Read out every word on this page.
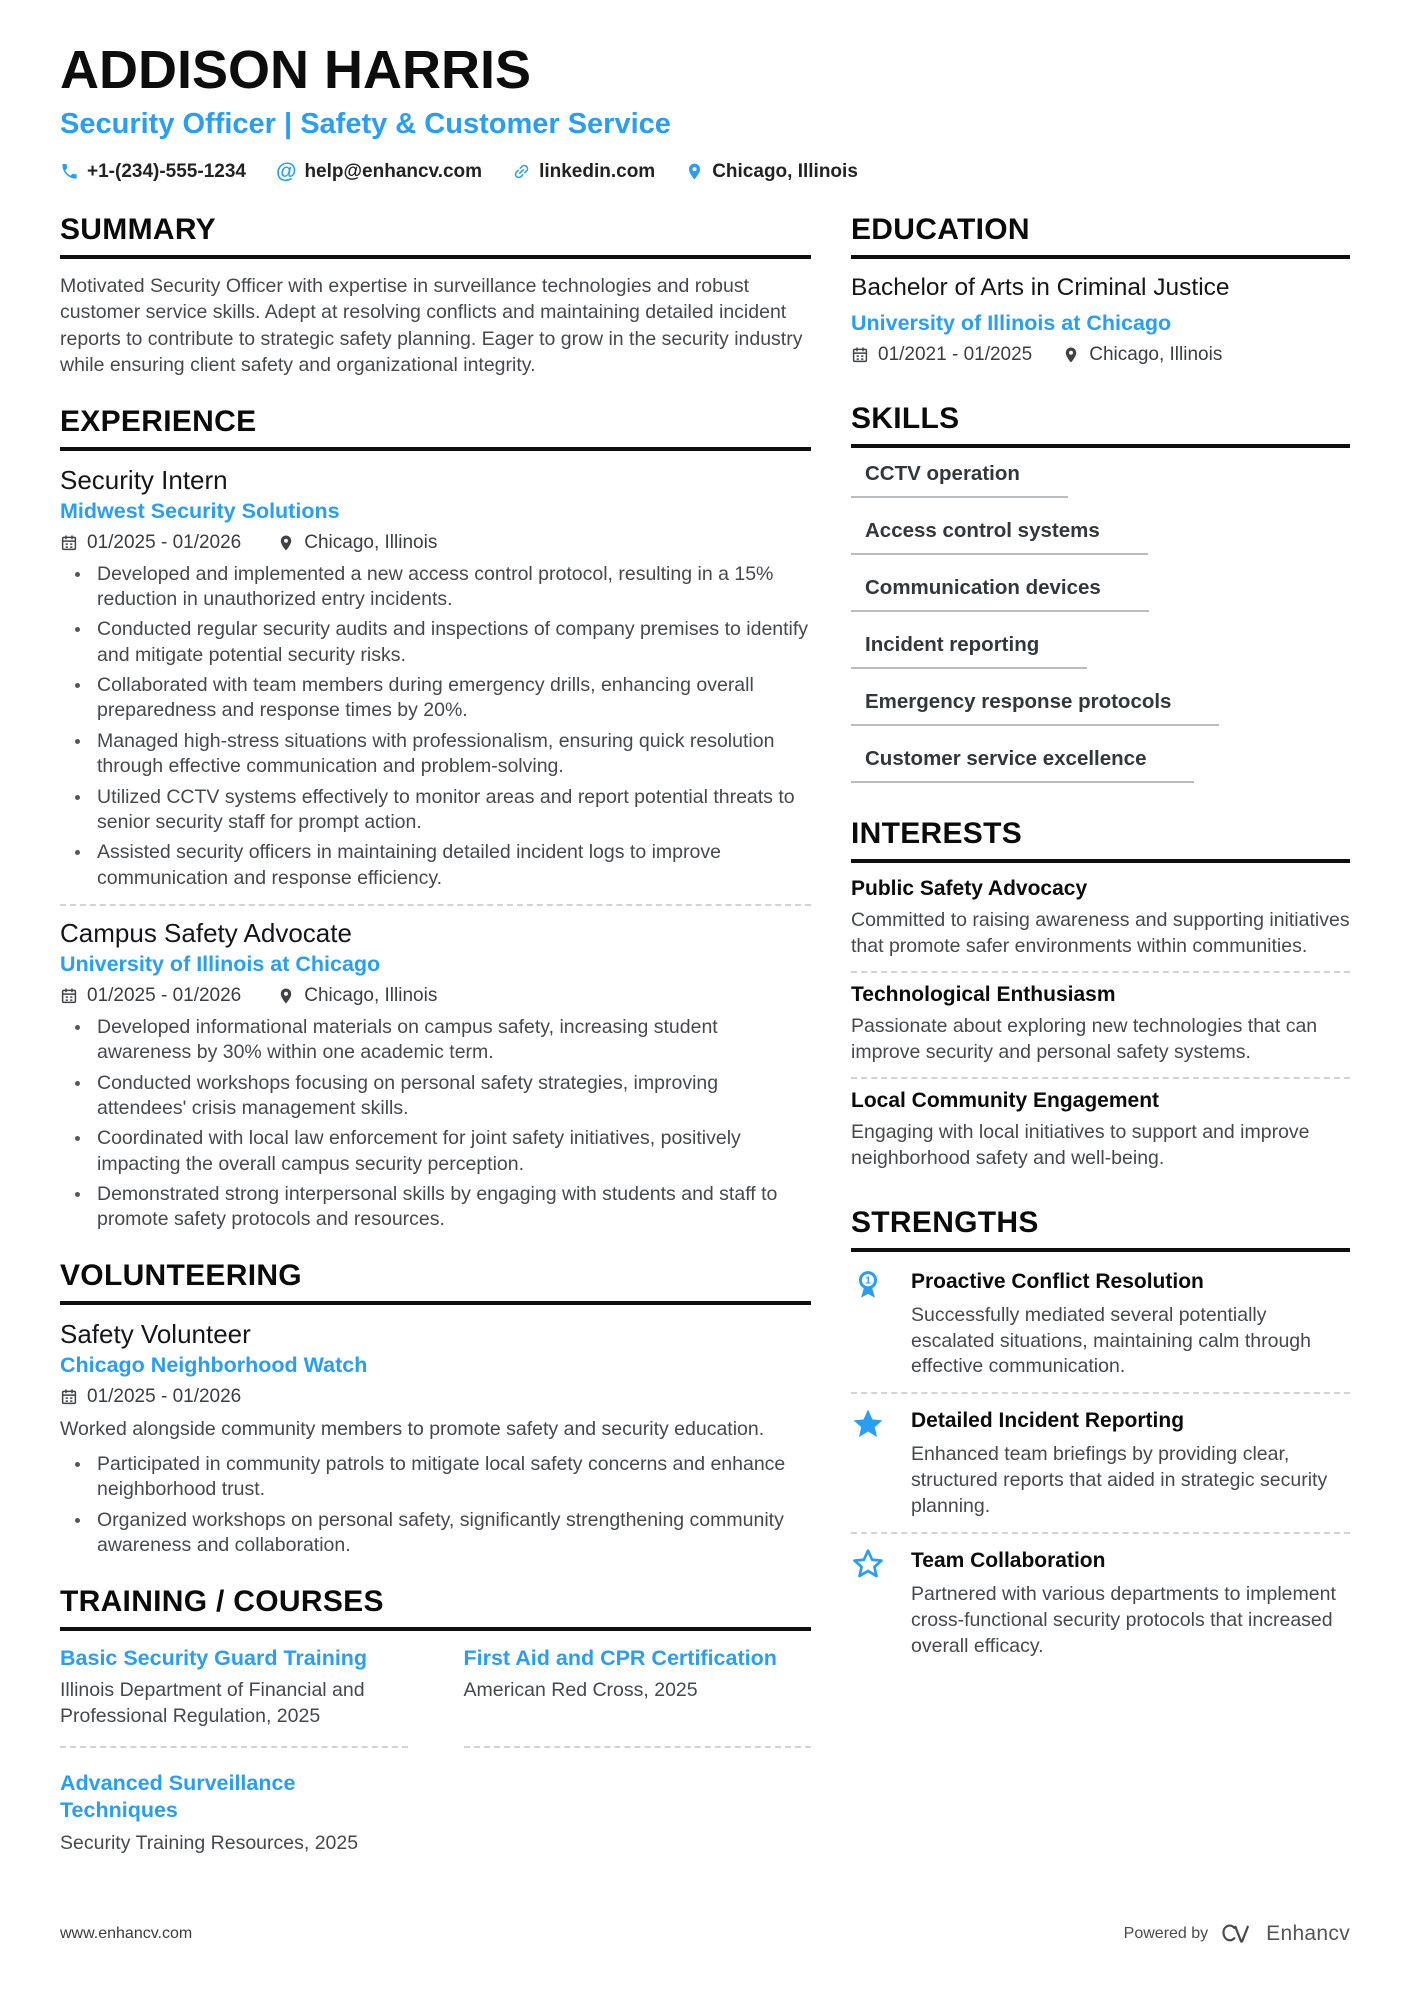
ADDISON HARRIS
Security Officer | Safety & Customer Service
+1-(234)-555-1234 @ help@enhancv.com	linkedin.com	Chicago, Illinois
SUMMARY

Motivated Security Officer with expertise in surveillance technologies and robust customer service skills. Adept at resolving conflicts and maintaining detailed incident reports to contribute to strategic safety planning. Eager to grow in the security industry while ensuring client safety and organizational integrity.

EXPERIENCE
Security Intern
Midwest Security Solutions
01/2025 - 01/2026	Chicago, Illinois
Developed and implemented a new access control protocol, resulting in a 15% reduction in unauthorized entry incidents.
Conducted regular security audits and inspections of company premises to identify and mitigate potential security risks.
Collaborated with team members during emergency drills, enhancing overall preparedness and response times by 20%.
Managed high-stress situations with professionalism, ensuring quick resolution through effective communication and problem-solving.
Utilized CCTV systems effectively to monitor areas and report potential threats to senior security staff for prompt action.
Assisted security officers in maintaining detailed incident logs to improve communication and response efficiency.
Campus Safety Advocate
University of Illinois at Chicago
01/2025 - 01/2026	Chicago, Illinois
Developed informational materials on campus safety, increasing student awareness by 30% within one academic term.
Conducted workshops focusing on personal safety strategies, improving attendees' crisis management skills.
Coordinated with local law enforcement for joint safety initiatives, positively impacting the overall campus security perception.
Demonstrated strong interpersonal skills by engaging with students and staff to promote safety protocols and resources.
VOLUNTEERING
Safety Volunteer
Chicago Neighborhood Watch
01/2025 - 01/2026

Worked alongside community members to promote safety and security education.

Participated in community patrols to mitigate local safety concerns and enhance neighborhood trust.
Organized workshops on personal safety, significantly strengthening community awareness and collaboration.
TRAINING / COURSES
Basic Security Guard Training
Illinois Department of Financial and Professional Regulation, 2025
First Aid and CPR Certification
American Red Cross, 2025
Advanced Surveillance Techniques
Security Training Resources, 2025
EDUCATION
Bachelor of Arts in Criminal Justice
University of Illinois at Chicago
01/2021 - 01/2025	Chicago, Illinois
SKILLS
CCTV operation
Access control systems
Communication devices
Incident reporting
Emergency response protocols
Customer service excellence
INTERESTS
Public Safety Advocacy
Committed to raising awareness and supporting initiatives that promote safer environments within communities.
Technological Enthusiasm
Passionate about exploring new technologies that can improve security and personal safety systems.
Local Community Engagement
Engaging with local initiatives to support and improve neighborhood safety and well-being.
STRENGTHS
1 Proactive Conflict Resolution
Successfully mediated several potentially escalated situations, maintaining calm through effective communication.
Detailed Incident Reporting
Enhanced team briefings by providing clear, structured reports that aided in strategic security planning.
Team Collaboration
Partnered with various departments to implement cross-functional security protocols that increased overall efficacy.
www.enhancv.com	Powered by	Enhancv
